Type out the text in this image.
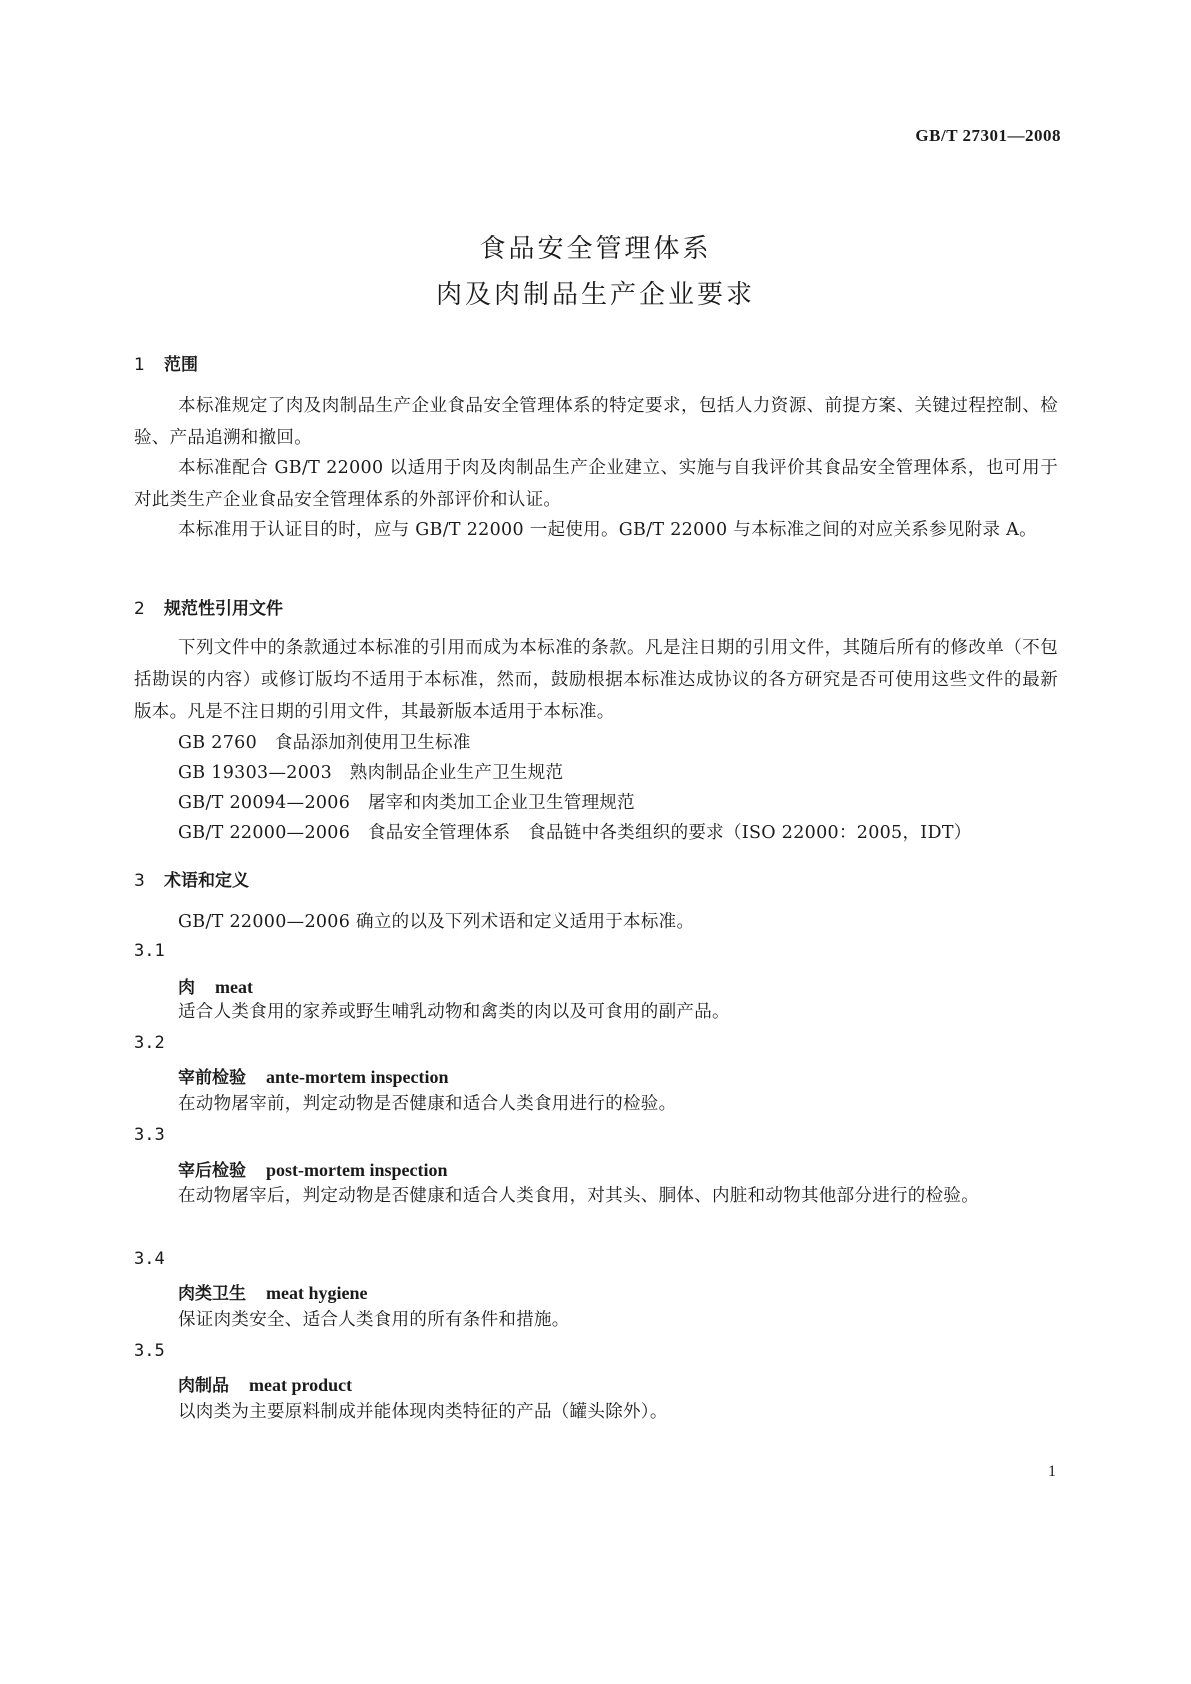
GB/T 27301—2008
食品安全管理体系
肉及肉制品生产企业要求
1 范围
本标准规定了肉及肉制品生产企业食品安全管理体系的特定要求，包括人力资源、前提方案、关键过程控制、检验、产品追溯和撤回。
本标准配合 GB/T 22000 以适用于肉及肉制品生产企业建立、实施与自我评价其食品安全管理体系，也可用于对此类生产企业食品安全管理体系的外部评价和认证。
本标准用于认证目的时，应与 GB/T 22000 一起使用。GB/T 22000 与本标准之间的对应关系参见附录 A。
2 规范性引用文件
下列文件中的条款通过本标准的引用而成为本标准的条款。凡是注日期的引用文件，其随后所有的修改单（不包括勘误的内容）或修订版均不适用于本标准，然而，鼓励根据本标准达成协议的各方研究是否可使用这些文件的最新版本。凡是不注日期的引用文件，其最新版本适用于本标准。
GB 2760　食品添加剂使用卫生标准
GB 19303—2003　熟肉制品企业生产卫生规范
GB/T 20094—2006　屠宰和肉类加工企业卫生管理规范
GB/T 22000—2006　食品安全管理体系　食品链中各类组织的要求（ISO 22000：2005，IDT）
3 术语和定义
GB/T 22000—2006 确立的以及下列术语和定义适用于本标准。
3.1
肉 meat
适合人类食用的家养或野生哺乳动物和禽类的肉以及可食用的副产品。
3.2
宰前检验 ante-mortem inspection
在动物屠宰前，判定动物是否健康和适合人类食用进行的检验。
3.3
宰后检验 post-mortem inspection
在动物屠宰后，判定动物是否健康和适合人类食用，对其头、胴体、内脏和动物其他部分进行的检验。
3.4
肉类卫生 meat hygiene
保证肉类安全、适合人类食用的所有条件和措施。
3.5
肉制品 meat product
以肉类为主要原料制成并能体现肉类特征的产品（罐头除外）。
1
